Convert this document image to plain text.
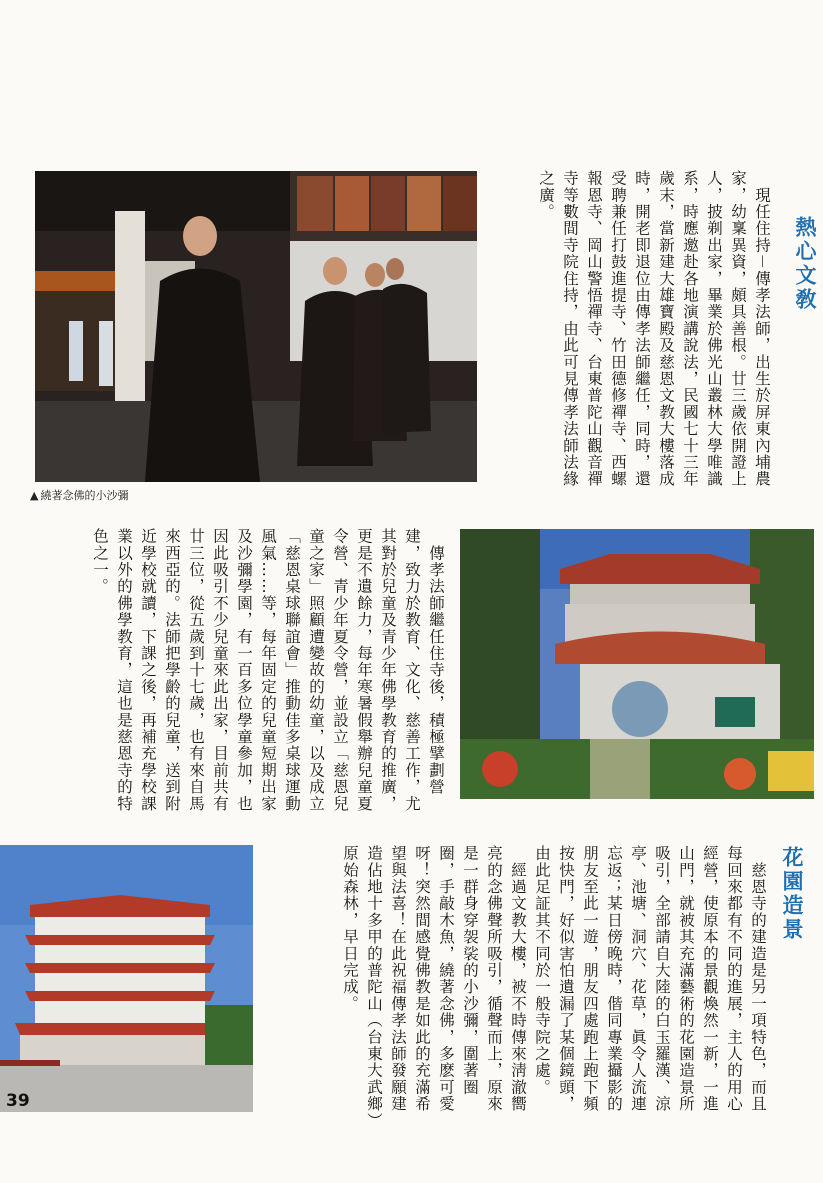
▲ 繞著念佛的小沙彌
熱心文敎
　現任住持－傳孝法師，出生於屏東內埔農家，幼稟異資，頗具善根。廿三歲依開證上人，披剃出家，畢業於佛光山叢林大學唯識系，時應邀赴各地演講說法，民國七十三年歲末，當新建大雄寶殿及慈恩文教大樓落成時，開老即退位由傳孝法師繼任，同時，還受聘兼任打鼓進提寺、竹田德修禪寺、西螺報恩寺、岡山警悟禪寺、台東普陀山觀音禪寺等數間寺院住持，由此可見傳孝法師法緣之廣。
　傳孝法師繼任住寺後，積極擘劃營建，致力於教育、文化、慈善工作，尤其對於兒童及青少年佛學教育的推廣，更是不遺餘力，每年寒暑假舉辦兒童夏令營、青少年夏令營，並設立「慈恩兒童之家」照顧遭變故的幼童，以及成立「慈恩桌球聯誼會」推動佳多桌球運動風氣……等，每年固定的兒童短期出家及沙彌學園，有一百多位學童參加，也因此吸引不少兒童來此出家，目前共有廿三位，從五歲到十七歲，也有來自馬來西亞的。法師把學齡的兒童，送到附近學校就讀，下課之後，再補充學校課業以外的佛學教育，這也是慈恩寺的特色之一。
花園造景
　慈恩寺的建造是另一項特色，而且每回來都有不同的進展，主人的用心經營，使原本的景觀煥然一新，一進山門，就被其充滿藝術的花園造景所吸引，全部請自大陸的白玉羅漢、涼亭、池塘、洞穴、花草，眞令人流連忘返；某日傍晚時，偕同專業攝影的朋友至此一遊，朋友四處跑上跑下頻按快門，好似害怕遺漏了某個鏡頭，由此足証其不同於一般寺院之處。
　經過文教大樓，被不時傳來淸澈嚮亮的念佛聲所吸引，循聲而上，原來是一群身穿袈裟的小沙彌，圍著圈圈，手敲木魚，繞著念佛，多麽可愛呀！突然間感覺佛教是如此的充滿希望與法喜！在此祝福傳孝法師發願建造佔地十多甲的普陀山（台東大武鄉）原始森林，早日完成。
39
